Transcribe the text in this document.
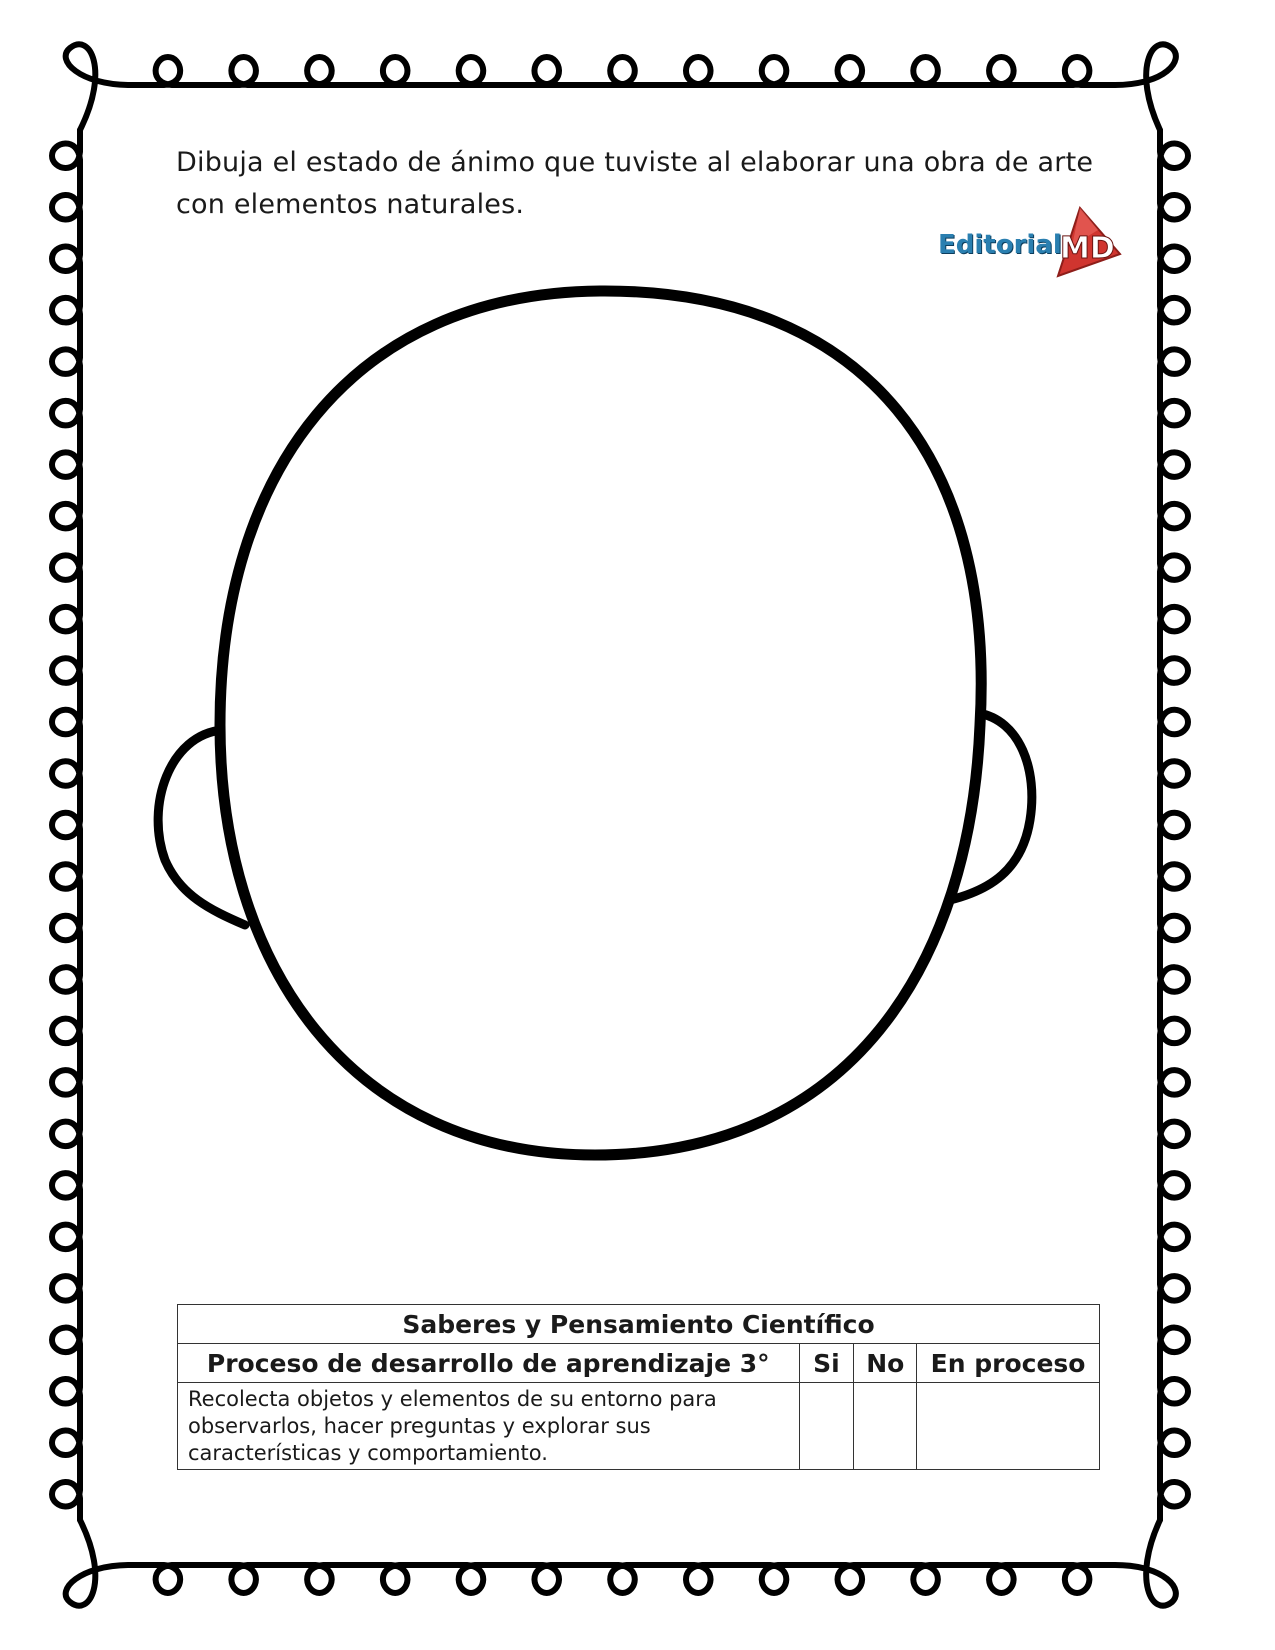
Dibuja el estado de ánimo que tuviste al elaborar una obra de arte con elementos naturales.
Editorial
MD
Saberes y Pensamiento Científico			
Proceso de desarrollo de aprendizaje 3°	Si	No	En proceso
Recolecta objetos y elementos de su entorno para observarlos, hacer preguntas y explorar sus características y comportamiento.			
